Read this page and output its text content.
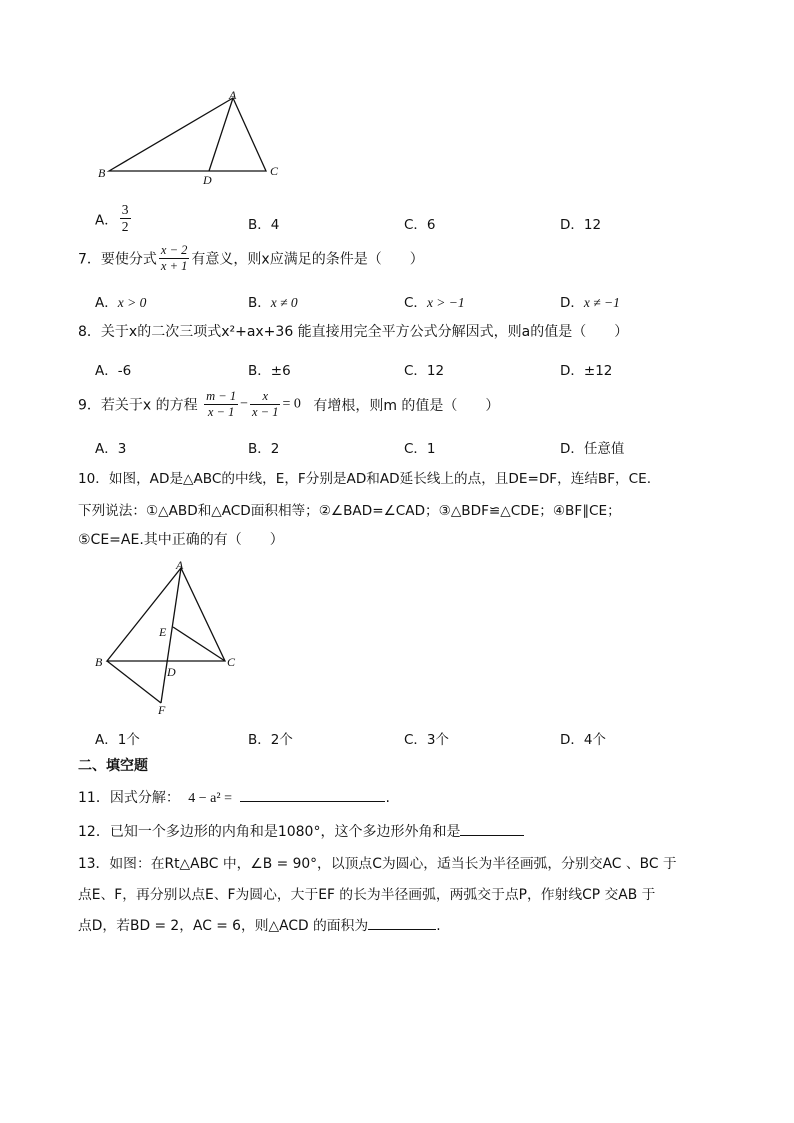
A
B	C
D
A． $\frac{3}{2}$	B．4	C．6	D．12
7．要使分式 $\frac{x - 2}{x + 1}$ 有意义，则x应满足的条件是（　　）
A．x > 0	B．x ≠ 0	C．x > −1	D．x ≠ −1
8．关于x的二次三项式x²+ax+36 能直接用完全平方公式分解因式，则a的值是（　　）
A．-6	B．±6	C．12	D．±12
9．若关于x 的方程 $\frac{m - 1}{x - 1} - \frac{x}{x - 1} = 0$ 有增根，则m 的值是（　　）
A．3	B．2	C．1	D．任意值
10．如图，AD是△ABC的中线，E，F分别是AD和AD延长线上的点，且DE=DF，连结BF，CE.
下列说法：①△ABD和△ACD面积相等；②∠BAD=∠CAD；③△BDF≌△CDE；④BF∥CE；
⑤CE=AE.其中正确的有（　　）
A
B	C
D
E
F
A．1个	B．2个	C．3个	D．4个
二、填空题
11．因式分解： 4 − a² =	.
12．已知一个多边形的内角和是1080°，这个多边形外角和是
13．如图：在Rt△ABC 中，∠B = 90°，以顶点C为圆心，适当长为半径画弧，分别交AC 、BC 于
点E、F，再分别以点E、F为圆心，大于EF 的长为半径画弧，两弧交于点P，作射线CP 交AB 于
点D，若BD = 2，AC = 6，则△ACD 的面积为	.
